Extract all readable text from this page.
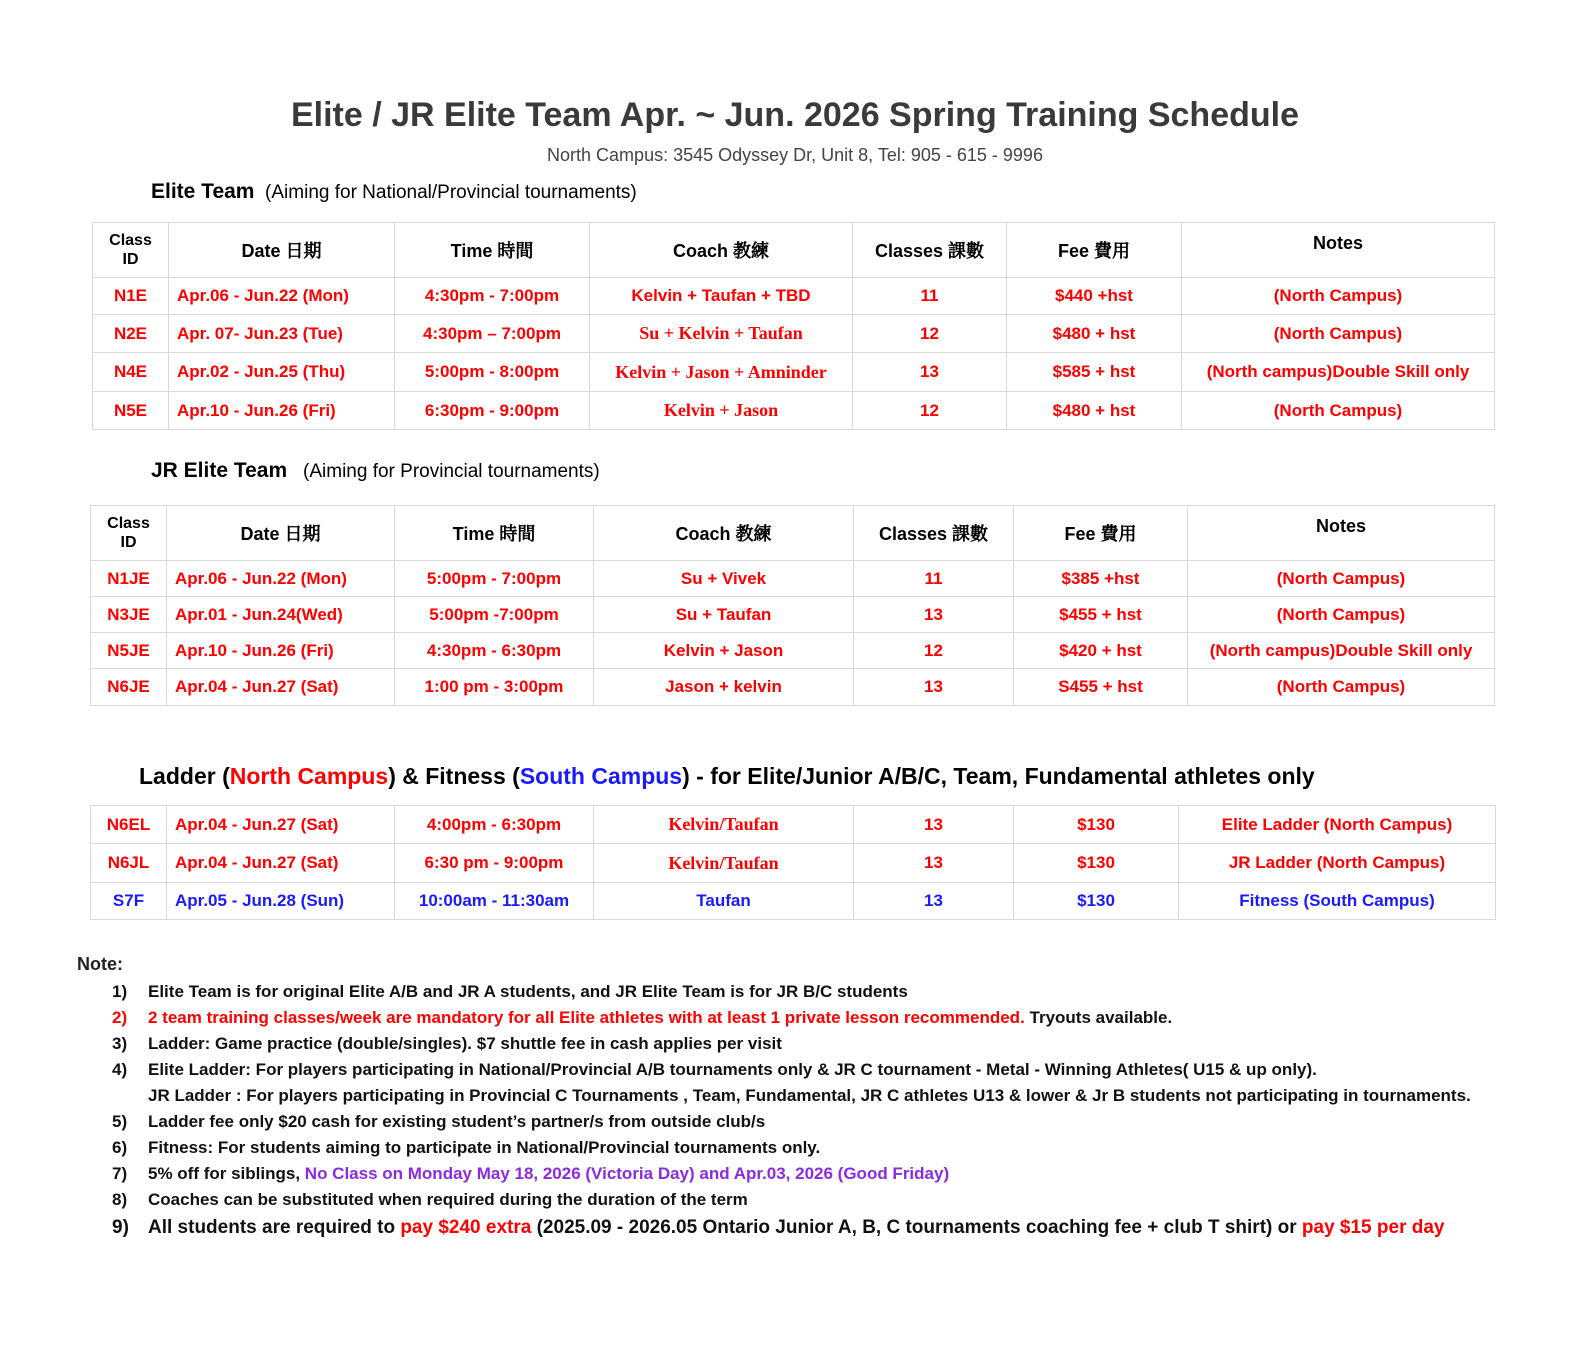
Elite / JR Elite Team Apr. ~ Jun. 2026 Spring Training Schedule
North Campus: 3545 Odyssey Dr, Unit 8, Tel: 905 - 615 - 9996
Elite Team (Aiming for National/Provincial tournaments)
Class
ID	Date 日期	Time 時間	Coach 教練	Classes 課數	Fee 費用	Notes
N1E	Apr.06 - Jun.22 (Mon)	4:30pm - 7:00pm	Kelvin + Taufan + TBD	11	$440 +hst	(North Campus)
N2E	Apr. 07- Jun.23 (Tue)	4:30pm – 7:00pm	Su + Kelvin + Taufan	12	$480 + hst	(North Campus)
N4E	Apr.02 - Jun.25 (Thu)	5:00pm - 8:00pm	Kelvin + Jason + Amninder	13	$585 + hst	(North campus)Double Skill only
N5E	Apr.10 - Jun.26 (Fri)	6:30pm - 9:00pm	Kelvin + Jason	12	$480 + hst	(North Campus)
JR Elite Team (Aiming for Provincial tournaments)
Class
ID	Date 日期	Time 時間	Coach 教練	Classes 課數	Fee 費用	Notes
N1JE	Apr.06 - Jun.22 (Mon)	5:00pm - 7:00pm	Su + Vivek	11	$385 +hst	(North Campus)
N3JE	Apr.01 - Jun.24(Wed)	5:00pm -7:00pm	Su + Taufan	13	$455 + hst	(North Campus)
N5JE	Apr.10 - Jun.26 (Fri)	4:30pm - 6:30pm	Kelvin + Jason	12	$420 + hst	(North campus)Double Skill only
N6JE	Apr.04 - Jun.27 (Sat)	1:00 pm - 3:00pm	Jason + kelvin	13	S455 + hst	(North Campus)
Ladder (North Campus) & Fitness (South Campus) - for Elite/Junior A/B/C, Team, Fundamental athletes only
N6EL	Apr.04 - Jun.27 (Sat)	4:00pm - 6:30pm	Kelvin/Taufan	13	$130	Elite Ladder (North Campus)
N6JL	Apr.04 - Jun.27 (Sat)	6:30 pm - 9:00pm	Kelvin/Taufan	13	$130	JR Ladder (North Campus)
S7F	Apr.05 - Jun.28 (Sun)	10:00am - 11:30am	Taufan	13	$130	Fitness (South Campus)
Note:
1)	Elite Team is for original Elite A/B and JR A students, and JR Elite Team is for JR B/C students
2)	2 team training classes/week are mandatory for all Elite athletes with at least 1 private lesson recommended. Tryouts available.
3)	Ladder: Game practice (double/singles). $7 shuttle fee in cash applies per visit
4)	Elite Ladder: For players participating in National/Provincial A/B tournaments only & JR C tournament - Metal - Winning Athletes( U15 & up only).
JR Ladder : For players participating in Provincial C Tournaments , Team, Fundamental, JR C athletes U13 & lower & Jr B students not participating in tournaments.
5)	Ladder fee only $20 cash for existing student’s partner/s from outside club/s
6)	Fitness: For students aiming to participate in National/Provincial tournaments only.
7)	5% off for siblings, No Class on Monday May 18, 2026 (Victoria Day) and Apr.03, 2026 (Good Friday)
8)	Coaches can be substituted when required during the duration of the term
9)	All students are required to pay $240 extra (2025.09 - 2026.05 Ontario Junior A, B, C tournaments coaching fee + club T shirt) or pay $15 per day
